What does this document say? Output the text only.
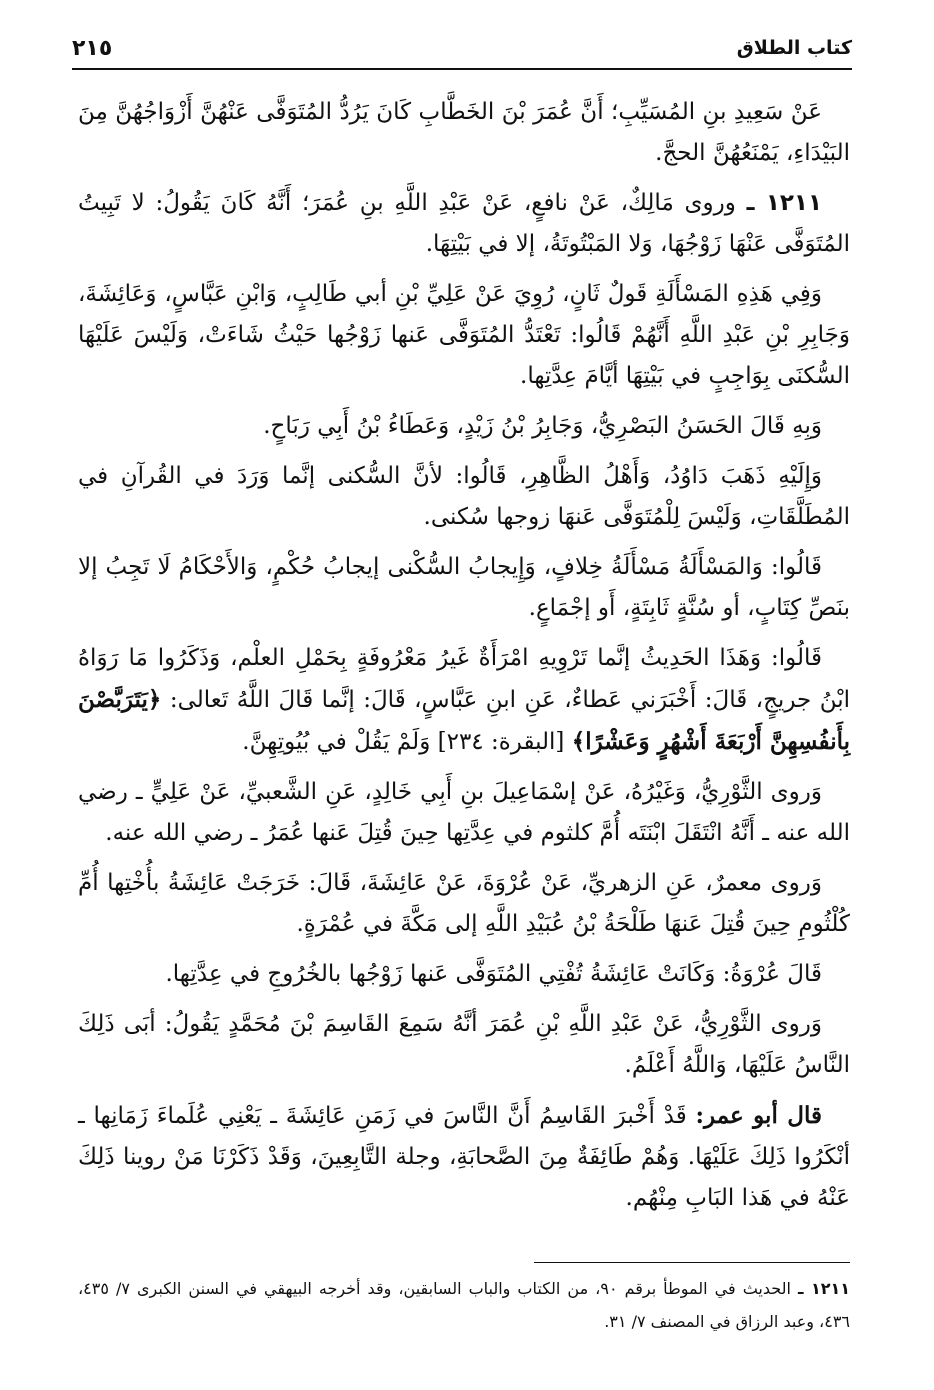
كتاب الطلاق
٢١٥

عَنْ سَعِيدِ بنِ المُسَيِّبِ؛ أَنَّ عُمَرَ بْنَ الخَطَّابِ كَانَ يَرُدُّ المُتَوَفَّى عَنْهُنَّ أَزْوَاجُهُنَّ مِنَ البَيْدَاءِ، يَمْنَعُهُنَّ الحجَّ.

١٢١١ ـ وروى مَالِكٌ، عَنْ نافعٍ، عَنْ عَبْدِ اللَّهِ بنِ عُمَرَ؛ أَنَّهُ كَانَ يَقُولُ: لا تَبِيتُ المُتَوَفَّى عَنْهَا زَوْجُهَا، وَلا المَبْتُوتَةُ، إلا في بَيْتِهَا.

وَفِي هَذِهِ المَسْأَلَةِ قَولٌ ثَانٍ، رُوِيَ عَنْ عَلِيِّ بْنِ أبي طَالِبٍ، وَابْنِ عَبَّاسٍ، وَعَائِشَةَ، وَجَابِرِ بْنِ عَبْدِ اللَّهِ أَنَّهُمْ قَالُوا: تَعْتَدُّ المُتَوَفَّى عَنها زَوْجُها حَيْثُ شَاءَتْ، وَلَيْسَ عَلَيْهَا السُّكنَى بِوَاجِبٍ في بَيْتِهَا أيَّامَ عِدَّتِها.

وَبِهِ قَالَ الحَسَنُ البَصْرِيُّ، وَجَابِرُ بْنُ زَيْدٍ، وَعَطَاءُ بْنُ أَبِي رَبَاحٍ.

وَإِلَيْهِ ذَهَبَ دَاوُدُ، وَأَهْلُ الظَّاهِرِ، قَالُوا: لأنَّ السُّكنى إنَّما وَرَدَ في القُرآنِ في المُطَلَّقَاتِ، وَلَيْسَ لِلْمُتَوَفَّى عَنهَا زوجها سُكنى.

قَالُوا: وَالمَسْأَلَةُ مَسْأَلَةُ خِلافٍ، وَإِيجابُ السُّكْنى إيجابُ حُكْمٍ، وَالأَحْكَامُ لَا تَجِبُ إلا بنَصِّ كِتَابٍ، أو سُنَّةٍ ثَابِتَةٍ، أَو إجْمَاعٍ.

قَالُوا: وَهَذَا الحَدِيثُ إنَّما تَرْوِيهِ امْرَأَةٌ غَيرُ مَعْرُوفَةٍ بِحَمْلِ العلْم، وَذَكَرُوا مَا رَوَاهُ ابْنُ جريجٍ، قَالَ: أَخْبَرَني عَطاءٌ، عَنِ ابنِ عَبَّاسٍ، قَالَ: إنَّما قَالَ اللَّهُ تَعالى: ﴿يَتَرَبَّصْنَ بِأَنفُسِهِنَّ أَرْبَعَةَ أَشْهُرٍ وَعَشْرًا﴾ [البقرة: ٢٣٤] وَلَمْ يَقُلْ في بُيُوتِهِنَّ.

وَروى الثَّوْرِيُّ، وَغَيْرُهُ، عَنْ إسْمَاعِيلَ بنِ أَبِي خَالِدٍ، عَنِ الشَّعبيِّ، عَنْ عَلِيٍّ ـ رضي الله عنه ـ أَنَّهُ انْتَقَلَ ابْنَتَه أُمَّ كلثوم في عِدَّتِها حِينَ قُتِلَ عَنها عُمَرُ ـ رضي الله عنه.

وَروى معمرٌ، عَنِ الزهريِّ، عَنْ عُرْوَةَ، عَنْ عَائِشَةَ، قَالَ: خَرَجَتْ عَائِشَةُ بأُخْتِها أُمِّ كُلْثُومِ حِينَ قُتِلَ عَنهَا طَلْحَةُ بْنُ عُبَيْدِ اللَّهِ إلى مَكَّةَ في عُمْرَةٍ.

قَالَ عُرْوَةُ: وَكَانَتْ عَائِشَةُ تُفْتِي المُتَوَفَّى عَنها زَوْجُها بالخُرُوجِ في عِدَّتِها.

وَروى الثَّوْرِيُّ، عَنْ عَبْدِ اللَّهِ بْنِ عُمَرَ أنَّهُ سَمِعَ القَاسِمَ بْنَ مُحَمَّدٍ يَقُولُ: أبَى ذَلِكَ النَّاسُ عَلَيْهَا، وَاللَّهُ أَعْلَمُ.

قال أبو عمر: قَدْ أَخْبرَ القَاسِمُ أَنَّ النَّاسَ في زَمَنِ عَائِشَةَ ـ يَعْنِي عُلَماءَ زَمَانِها ـ أنْكَرُوا ذَلِكَ عَلَيْهَا. وَهُمْ طَائِفَةٌ مِنَ الصَّحابَةِ، وجلة التَّابِعِينَ، وَقَدْ ذَكَرْنَا مَنْ روينا ذَلِكَ عَنْهُ في هَذا البَابِ مِنْهُم.

١٢١١ ـ الحديث في الموطأ برقم ٩٠، من الكتاب والباب السابقين، وقد أخرجه البيهقي في السنن الكبرى ٧/ ٤٣٥، ٤٣٦، وعبد الرزاق في المصنف ٧/ ٣١.
